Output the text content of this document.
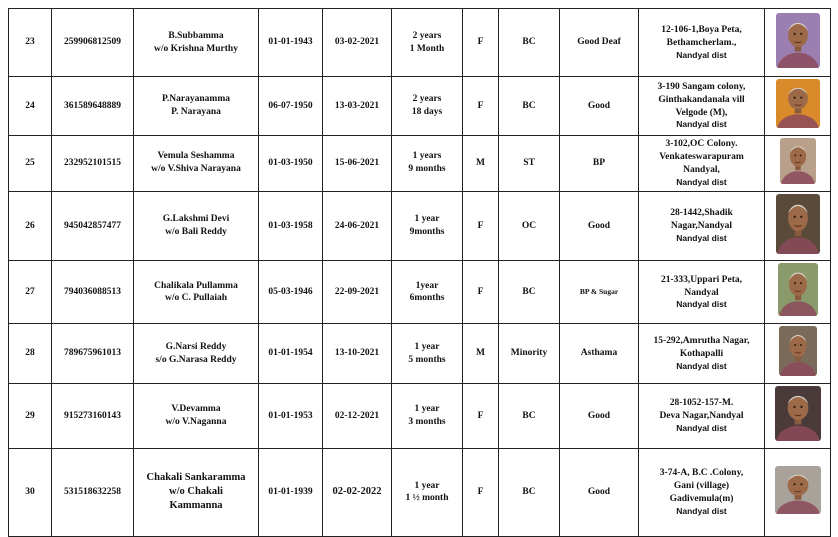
23	259906812509	B.Subbamma
w/o Krishna Murthy	01-01-1943	03-02-2021	2 years
1 Month	F	BC	Good Deaf	12-106-1,Boya Peta,
Bethamcherlam.,
Nandyal dist

24	361589648889	P.Narayanamma
P. Narayana	06-07-1950	13-03-2021	2 years
18 days	F	BC	Good	3-190 Sangam colony,
Ginthakandanala vill
Velgode (M),
Nandyal dist

25	232952101515	Vemula Seshamma
w/o V.Shiva Narayana	01-03-1950	15-06-2021	1 years
9 months	M	ST	BP	3-102,OC Colony.
Venkateswarapuram
Nandyal,
Nandyal dist

26	945042857477	G.Lakshmi Devi
w/o Bali Reddy	01-03-1958	24-06-2021	1 year
9months	F	OC	Good	28-1442,Shadik
Nagar,Nandyal
Nandyal dist

27	794036088513	Chalikala Pullamma
w/o C. Pullaiah	05-03-1946	22-09-2021	1year
6months	F	BC	BP & Sugar	21-333,Uppari Peta,
Nandyal
Nandyal dist

28	789675961013	G.Narsi Reddy
s/o G.Narasa Reddy	01-01-1954	13-10-2021	1 year
5 months	M	Minority	Asthama	15-292,Amrutha Nagar,
Kothapalli
Nandyal dist

29	915273160143	V.Devamma
w/o V.Naganna	01-01-1953	02-12-2021	1 year
3 months	F	BC	Good	28-1052-157-M.
Deva Nagar,Nandyal
Nandyal dist

30	531518632258	Chakali Sankaramma
w/o Chakali
Kammanna	01-01-1939	02-02-2022	1 year
1 ½ month	F	BC	Good	3-74-A, B.C .Colony,
Gani (village)
Gadivemula(m)
Nandyal dist
